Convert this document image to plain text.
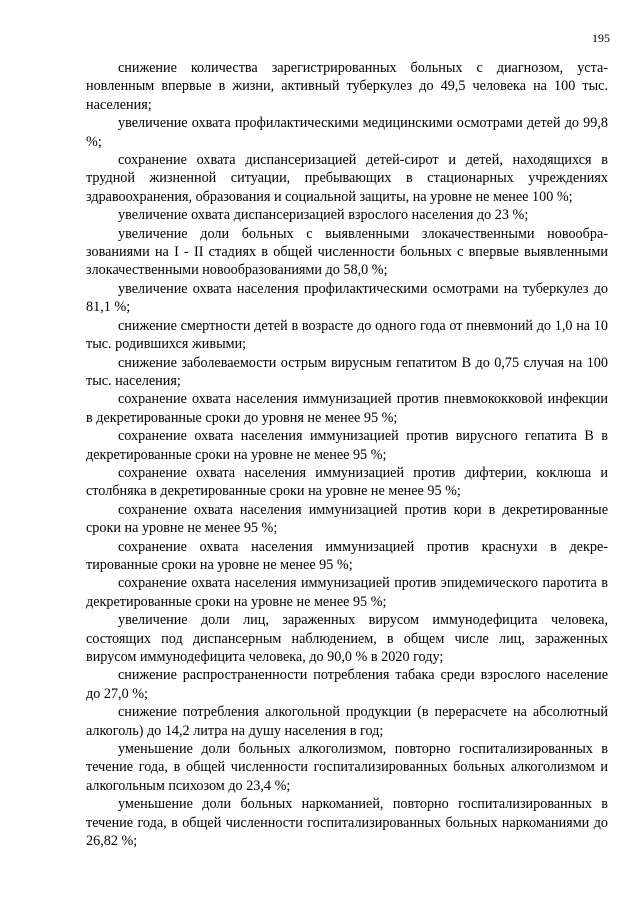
195

снижение количества зарегистрированных больных с диагнозом, установленным впервые в жизни, активный туберкулез до 49,5 человека на 100 тыс. населения;

увеличение охвата профилактическими медицинскими осмотрами детей до 99,8 %;

сохранение охвата диспансеризацией детей-сирот и детей, находящихся в трудной жизненной ситуации, пребывающих в стационарных учреждениях здравоохранения, образования и социальной защиты, на уровне не менее 100 %;

увеличение охвата диспансеризацией взрослого населения до 23 %;

увеличение доли больных с выявленными злокачественными новообразованиями на I - II стадиях в общей численности больных с впервые выявленными злокачественными новообразованиями до 58,0 %;

увеличение охвата населения профилактическими осмотрами на туберкулез до 81,1 %;

снижение смертности детей в возрасте до одного года от пневмоний до 1,0 на 10 тыс. родившихся живыми;

снижение заболеваемости острым вирусным гепатитом В до 0,75 случая на 100 тыс. населения;

сохранение охвата населения иммунизацией против пневмококковой инфекции в декретированные сроки до уровня не менее 95 %;

сохранение охвата населения иммунизацией против вирусного гепатита В в декретированные сроки на уровне не менее 95 %;

сохранение охвата населения иммунизацией против дифтерии, коклюша и столбняка в декретированные сроки на уровне не менее 95 %;

сохранение охвата населения иммунизацией против кори в декретированные сроки на уровне не менее 95 %;

сохранение охвата населения иммунизацией против краснухи в декретированные сроки на уровне не менее 95 %;

сохранение охвата населения иммунизацией против эпидемического паротита в декретированные сроки на уровне не менее 95 %;

увеличение доли лиц, зараженных вирусом иммунодефицита человека, состоящих под диспансерным наблюдением, в общем числе лиц, зараженных вирусом иммунодефицита человека, до 90,0 % в 2020 году;

снижение распространенности потребления табака среди взрослого население до 27,0 %;

снижение потребления алкогольной продукции (в перерасчете на абсолютный алкоголь) до 14,2 литра на душу населения в год;

уменьшение доли больных алкоголизмом, повторно госпитализированных в течение года, в общей численности госпитализированных больных алкоголизмом и алкогольным психозом до 23,4 %;

уменьшение доли больных наркоманией, повторно госпитализированных в течение года, в общей численности госпитализированных больных наркоманиями до 26,82 %;
